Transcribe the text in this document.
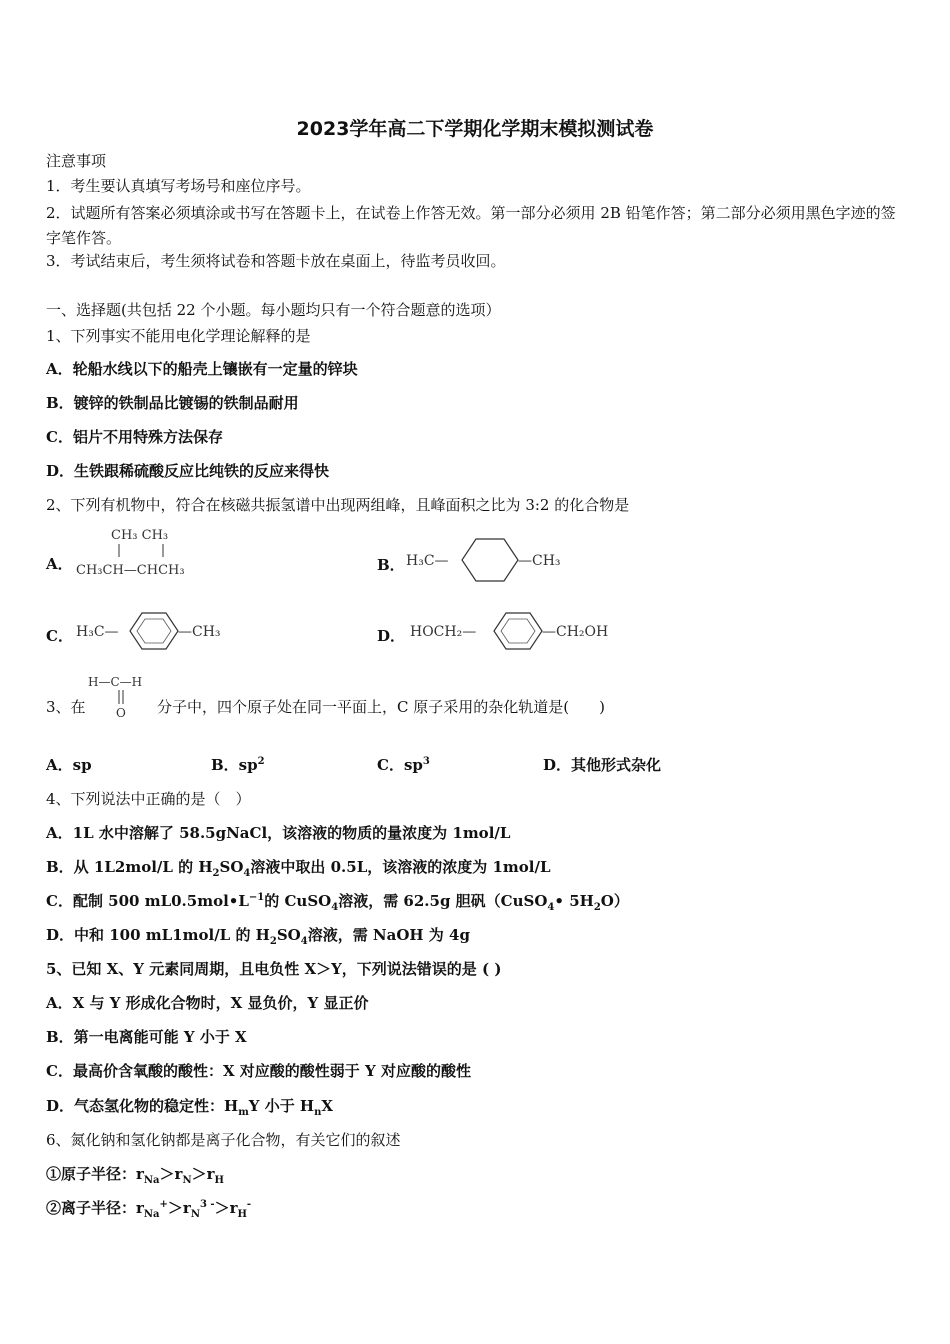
2023学年高二下学期化学期末模拟测试卷
注意事项
1．考生要认真填写考场号和座位序号。
2．试题所有答案必须填涂或书写在答题卡上，在试卷上作答无效。第一部分必须用 2B 铅笔作答；第二部分必须用黑色字迹的签字笔作答。
3．考试结束后，考生须将试卷和答题卡放在桌面上，待监考员收回。
一、选择题(共包括 22 个小题。每小题均只有一个符合题意的选项）
1、下列事实不能用电化学理论解释的是
A．轮船水线以下的船壳上镶嵌有一定量的锌块
B．镀锌的铁制品比镀锡的铁制品耐用
C．铝片不用特殊方法保存
D．生铁跟稀硫酸反应比纯铁的反应来得快
2、下列有机物中，符合在核磁共振氢谱中出现两组峰，且峰面积之比为 3:2 的化合物是
A．
CH₃ CH₃
CH₃CH—CHCH₃	B． H₃C—	—CH₃
C． H₃C—	—CH₃	D． HOCH₂—	—CH₂OH
3、在
H—C—H
O 分子中，四个原子处在同一平面上，C 原子采用的杂化轨道是(　　)
A．sp	B．$sp^2$	C．$sp^3$	D．其他形式杂化
4、下列说法中正确的是（　）
A．1L 水中溶解了 58.5gNaCl，该溶液的物质的量浓度为 1mol/L
B．从 1L2mol/L 的 $H_2SO_4$溶液中取出 0.5L，该溶液的浓度为 1mol/L
C．配制 500 $mL0.5mol•L^{-1}$的 CuSO$_4$溶液，需 62.5g 胆矾（CuSO$_4$• $5H_2O$）
D．中和 100 mL1mol/L 的 $H_2SO_4$溶液，需 NaOH 为 4g
5、已知 X、Y 元素同周期，且电负性 X＞Y，下列说法错误的是 ( )
A．X 与 Y 形成化合物时，X 显负价，Y 显正价
B．第一电离能可能 Y 小于 X
C．最高价含氧酸的酸性：X 对应酸的酸性弱于 Y 对应酸的酸性
D．气态氢化物的稳定性：$H_mY$ 小于 $H_nX$
6、氮化钠和氢化钠都是离子化合物，有关它们的叙述
①原子半径：$r_{Na}>r_N>r_H$
②离子半径：$r_{Na}^+>r_N^{3 -}>r_H^-$
